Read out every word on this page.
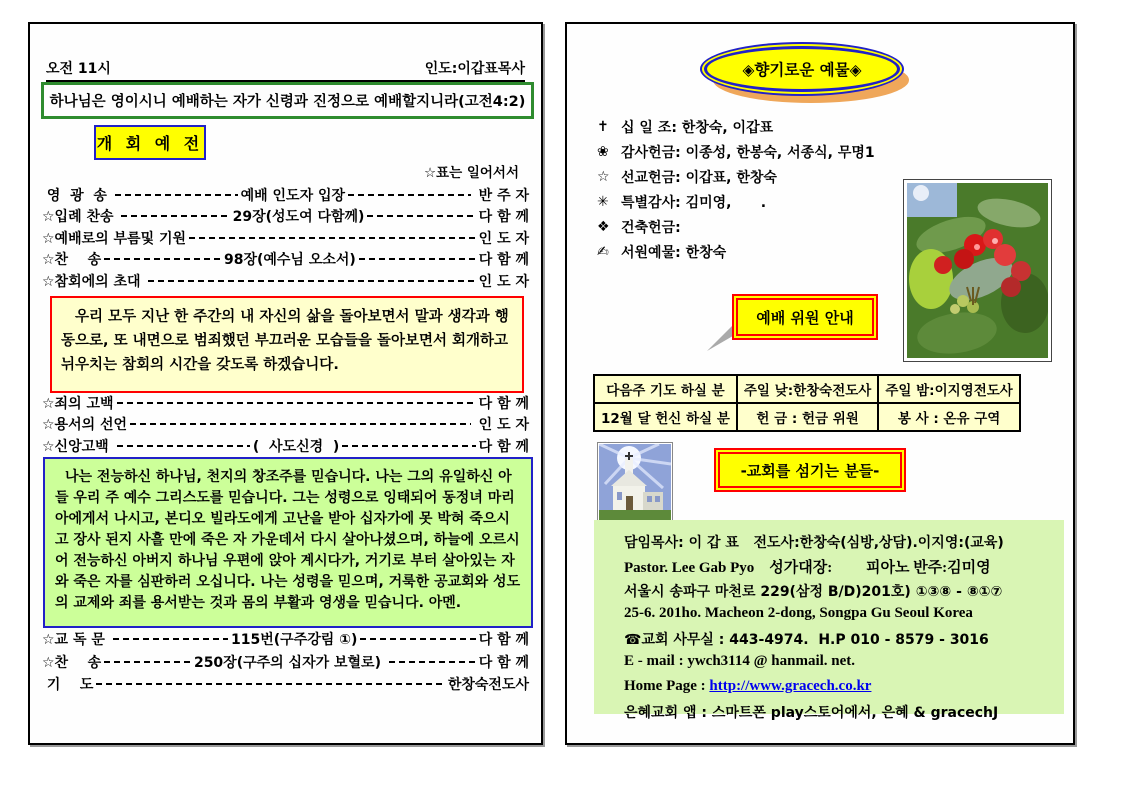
오전 11시	인도:이갑표목사
하나님은 영이시니 예배하는 자가 신령과 진정으로 예배할지니라(고전4:2)
개 회 예 전
☆표는 일어서서
영  광  송	예배 인도자 입장	반 주 자
☆입례 찬송	29장(성도여 다함께)	다 함 께
☆예배로의 부름및 기원	인 도 자
☆찬    송	98장(예수님 오소서)	다 함 께
☆참회에의 초대	인 도 자
우리 모두 지난 한 주간의 내 자신의 삶을 돌아보면서 말과 생각과 행동으로, 또 내면으로 범죄했던 부끄러운 모습들을 돌아보면서 회개하고 뉘우치는 참회의 시간을 갖도록 하겠습니다.
☆죄의 고백	다 함 께
☆용서의 선언	인 도 자
☆신앙고백	(  사도신경  )	다 함 께
나는 전능하신 하나님, 천지의 창조주를 믿습니다. 나는 그의 유일하신 아들 우리 주 예수 그리스도를 믿습니다. 그는 성령으로 잉태되어 동정녀 마리아에게서 나시고, 본디오 빌라도에게 고난을 받아 십자가에 못 박혀 죽으시고 장사 된지 사흘 만에 죽은 자 가운데서 다시 살아나셨으며, 하늘에 오르시어 전능하신 아버지 하나님 우편에 앉아 계시다가, 거기로 부터 살아있는 자와 죽은 자를 심판하러 오십니다. 나는 성령을 믿으며, 거룩한 공교회와 성도의 교제와 죄를 용서받는 것과 몸의 부활과 영생을 믿습니다. 아멘.
☆교 독 문	115번(구주강림 ①)	다 함 께
☆찬    송	250장(구주의 십자가 보혈로)	다 함 께
기    도	한창숙전도사
◈향기로운 예물◈
✝ 십 일 조: 한창숙, 이갑표
❀ 감사헌금: 이종성, 한봉숙, 서종식, 무명1
☆ 선교헌금: 이갑표, 한창숙
✳ 특별감사: 김미영,      .
❖ 건축헌금:
✍ 서원예물: 한창숙
예배 위원 안내
다음주 기도 하실 분	주일 낮:한창숙전도사	주일 밤:이지영전도사
12월 달 헌신 하실 분	헌 금 : 헌금 위원	봉 사 : 온유 구역
-교회를 섬기는 분들-
담임목사: 이 갑 표   전도사:한창숙(심방,상담).이지영:(교육)
Pastor. Lee Gab Pyo    성가대장:         피아노 반주:김미영
서울시 송파구 마천로 229(삼정 B/D)201호) ①③⑧ - ⑧①⑦
25-6. 201ho. Macheon 2-dong, Songpa Gu Seoul Korea
☎교회 사무실 : 443-4974.  H.P 010 - 8579 - 3016
E - mail : ywch3114 @ hanmail. net.
Home Page : http://www.gracech.co.kr
은혜교회 앱 : 스마트폰 play스토어에서, 은혜 & gracechJ
